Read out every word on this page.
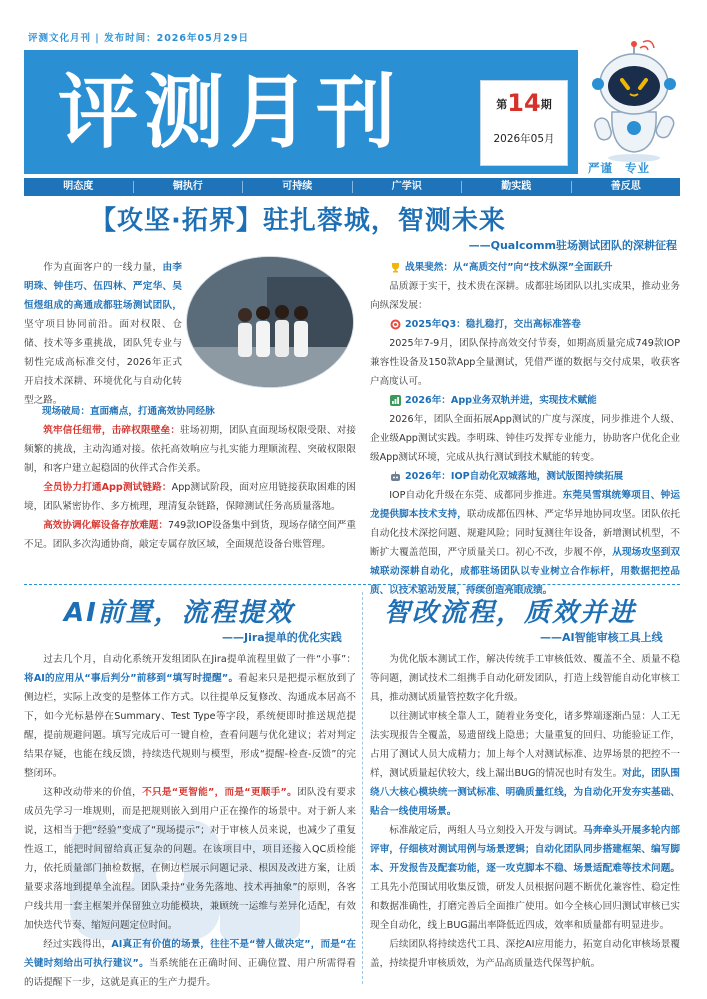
评测文化月刊 | 发布时间：2026年05月29日
评测月刊	第14期
2026年05月
严谨 专业
明态度	铜执行	可持续	广学识	勤实践	善反思
【攻坚·拓界】驻扎蓉城，智测未来
——Qualcomm驻场测试团队的深耕征程

作为直面客户的一线力量，由李明珠、钟佳巧、伍四林、严定华、吴恒煜组成的高通成都驻场测试团队，坚守项目协同前沿。面对权限、仓储、技术等多重挑战，团队凭专业与韧性完成高标准交付，2026年正式开启技术深耕、环境优化与自动化转型之路。

现场破局：直面痛点，打通高效协同经脉

筑牢信任纽带，击碎权限壁垒：驻场初期，团队直面现场权限受限、对接频繁的挑战，主动沟通对接。依托高效响应与扎实能力理顺流程、突破权限限制，和客户建立起稳固的伙伴式合作关系。

全员协力打通App测试链路：App测试阶段，面对应用链接获取困难的困境，团队紧密协作、多方梳理，理清复杂链路，保障测试任务高质量落地。

高效协调化解设备存放难题：749款IOP设备集中到货，现场存储空间严重不足。团队多次沟通协商，敲定专属存放区域，全面规范设备台账管理。

战果斐然：从“高质交付”向“技术纵深”全面跃升

品质源于实干，技术贵在深耕。成都驻场团队以扎实成果，推动业务向纵深发展：

2025年Q3：稳扎稳打，交出高标准答卷

2025年7-9月，团队保持高效交付节奏，如期高质量完成749款IOP兼容性设备及150款App全量测试，凭借严谨的数据与交付成果，收获客户高度认可。

2026年：App业务双轨并进，实现技术赋能

2026年，团队全面拓展App测试的广度与深度，同步推进个人级、企业级App测试实践。李明珠、钟佳巧发挥专业能力，协助客户优化企业级App测试环境，完成从执行测试到技术赋能的转变。

2026年：IOP自动化双城落地，测试版图持续拓展

IOP自动化升级在东莞、成都同步推进。东莞吴雪琪统筹项目、钟运龙提供脚本技术支持，联动成都伍四林、严定华异地协同攻坚。团队依托自动化技术深挖问题、规避风险；同时复测往年设备，新增测试机型，不断扩大覆盖范围，严守质量关口。初心不改，步履不停，从现场攻坚到双城联动深耕自动化，成都驻场团队以专业树立合作标杆，用数据把控品质、以技术驱动发展，持续创造亮眼成绩。

AI前置，流程提效
——Jira提单的优化实践

过去几个月，自动化系统开发组团队在Jira提单流程里做了一件“小事”：将AI的应用从“事后判分”前移到“填写时提醒”。看起来只是把提示框放到了侧边栏，实际上改变的是整体工作方式。以往提单反复修改、沟通成本居高不下，如今光标悬停在Summary、Test Type等字段，系统便即时推送规范提醒，提前规避问题。填写完成后可一键自检，查看问题与优化建议；若对判定结果存疑，也能在线反馈，持续迭代规则与模型，形成“提醒-检查-反馈”的完整闭环。

这种改动带来的价值，不只是“更智能”，而是“更顺手”。团队没有要求成员先学习一堆规则，而是把规则嵌入到用户正在操作的场景中。对于新人来说，这相当于把“经验”变成了“现场提示”；对于审核人员来说，也减少了重复性返工，能把时间留给真正复杂的问题。在该项目中，项目还接入QC质检能力，依托质量部门抽检数据，在侧边栏展示问题记录、根因及改进方案，让质量要求落地到提单全流程。团队秉持“业务先落地、技术再抽象”的原则，各客户线共用一套主框架并保留独立功能模块，兼顾统一运维与差异化适配，有效加快迭代节奏、缩短问题定位时间。

经过实践得出，AI真正有价值的场景，往往不是“替人做决定”，而是“在关键时刻给出可执行建议”。当系统能在正确时间、正确位置、用户所需得看的话提醒下一步，这就是真正的生产力提升。

智改流程，质效并进
——AI智能审核工具上线

为优化版本测试工作，解决传统手工审核低效、覆盖不全、质量不稳等问题，测试技术二组携手自动化研发团队，打造上线智能自动化审核工具，推动测试质量管控数字化升级。

以往测试审核全靠人工，随着业务变化，诸多弊端逐渐凸显：人工无法实现报告全覆盖，易遗留线上隐患；大量重复的回归、功能验证工作，占用了测试人员大成精力；加上每个人对测试标准、边界场景的把控不一样，测试质量起伏较大，线上漏出BUG的情况也时有发生。对此，团队围绕八大核心模块统一测试标准、明确质量红线，为自动化开发夯实基础、贴合一线使用场景。

标准敲定后，两组人马立刻投入开发与调试。马奔牵头开展多轮内部评审，仔细核对测试用例与场景逻辑；自动化团队同步搭建框架、编写脚本、开发报告及配套功能，逐一攻克脚本不稳、场景适配难等技术问题。工具先小范围试用收集反馈，研发人员根据问题不断优化兼容性、稳定性和数据准确性，打磨完善后全面推广使用。如今全核心回归测试审核已实现全自动化，线上BUG漏出率降低近四成，效率和质量都有明显进步。

后续团队将持续迭代工具、深挖AI应用能力，拓宽自动化审核场景覆盖，持续提升审核质效，为产品高质量迭代保驾护航。
